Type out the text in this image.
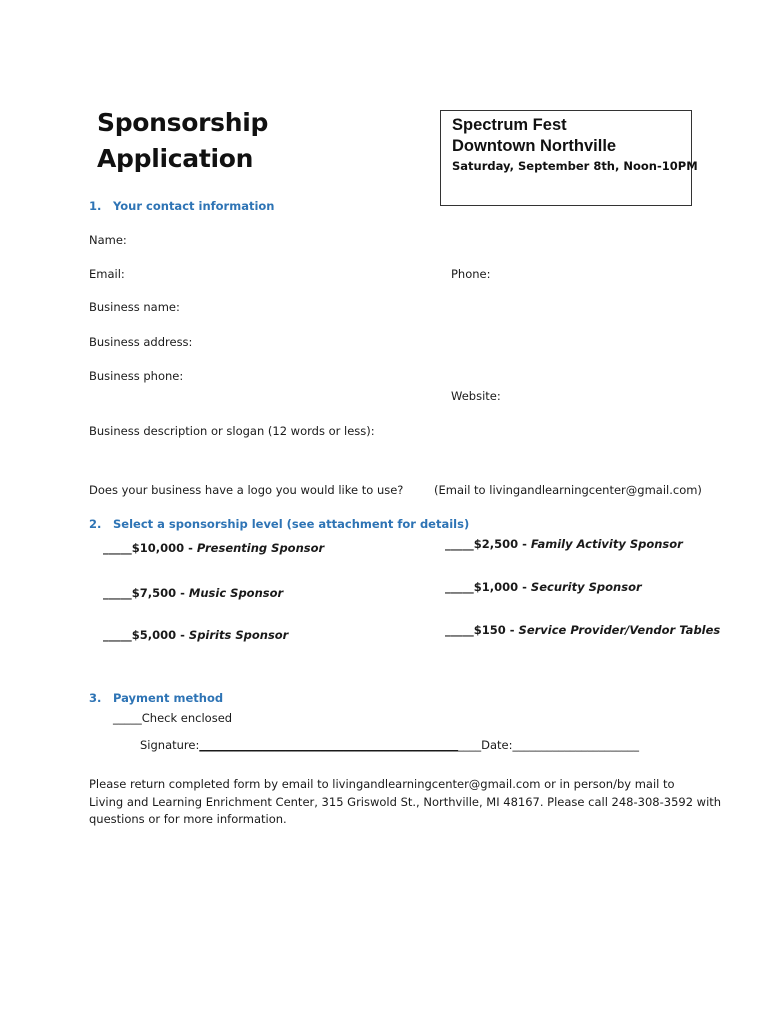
Sponsorship
Application
Spectrum Fest
Downtown Northville
Saturday, September 8th, Noon-10PM
1. Your contact information
Name:
Email:	Phone:
Business name:
Business address:
Business phone:
Website:
Business description or slogan (12 words or less):
Does your business have a logo you would like to use?	(Email to livingandlearningcenter@gmail.com)
2. Select a sponsorship level (see attachment for details)
_____$10,000 - Presenting Sponsor	_____$2,500 - Family Activity Sponsor
_____$7,500 - Music Sponsor	_____$1,000 - Security Sponsor
_____$5,000 - Spirits Sponsor	_____$150 - Service Provider/Vendor Tables
3. Payment method
_____Check enclosed
Signature:_________________________________________________Date:______________________
Please return completed form by email to livingandlearningcenter@gmail.com or in person/by mail to
Living and Learning Enrichment Center, 315 Griswold St., Northville, MI 48167. Please call 248-308-3592 with
questions or for more information.
